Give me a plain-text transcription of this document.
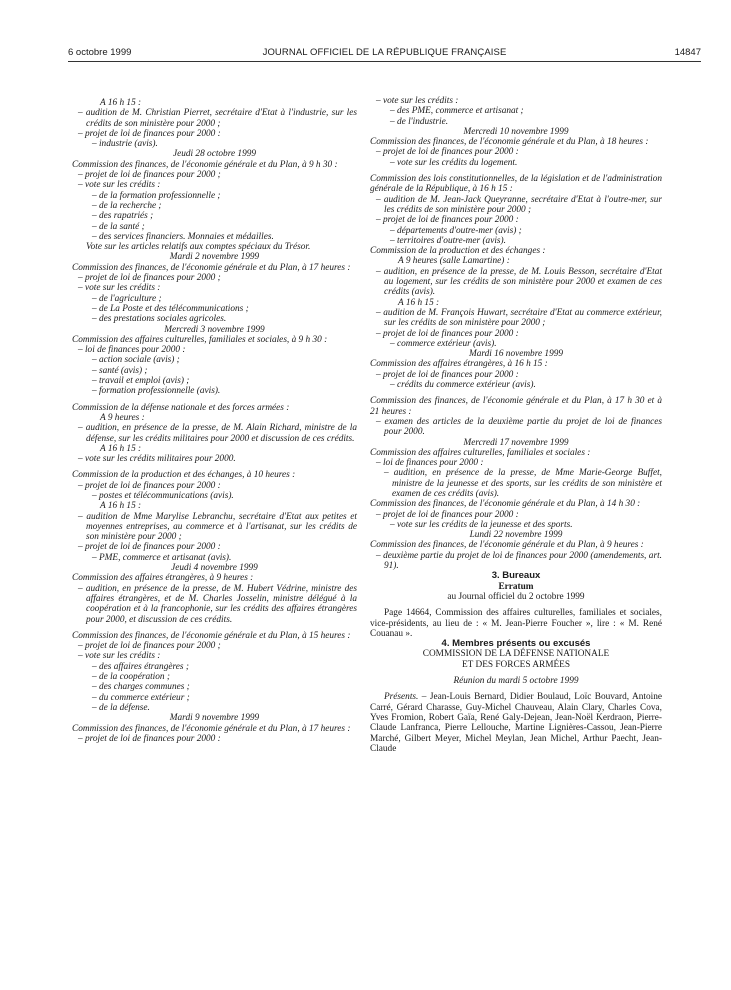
6 octobre 1999	JOURNAL OFFICIEL DE LA RÉPUBLIQUE FRANÇAISE	14847

A 16 h 15 :

– audition de M. Christian Pierret, secrétaire d'Etat à l'industrie, sur les crédits de son ministère pour 2000 ;

– projet de loi de finances pour 2000 :

– industrie (avis).

Jeudi 28 octobre 1999

Commission des finances, de l'économie générale et du Plan, à 9 h 30 :

– projet de loi de finances pour 2000 ;

– vote sur les crédits :

– de la formation professionnelle ;

– de la recherche ;

– des rapatriés ;

– de la santé ;

– des services financiers. Monnaies et médailles.

Vote sur les articles relatifs aux comptes spéciaux du Trésor.

Mardi 2 novembre 1999

Commission des finances, de l'économie générale et du Plan, à 17 heures :

– projet de loi de finances pour 2000 ;

– vote sur les crédits :

– de l'agriculture ;

– de La Poste et des télécommunications ;

– des prestations sociales agricoles.

Mercredi 3 novembre 1999

Commission des affaires culturelles, familiales et sociales, à 9 h 30 :

– loi de finances pour 2000 :

– action sociale (avis) ;

– santé (avis) ;

– travail et emploi (avis) ;

– formation professionnelle (avis).

Commission de la défense nationale et des forces armées :

A 9 heures :

– audition, en présence de la presse, de M. Alain Richard, ministre de la défense, sur les crédits militaires pour 2000 et discussion de ces crédits.

A 16 h 15 :

– vote sur les crédits militaires pour 2000.

Commission de la production et des échanges, à 10 heures :

– projet de loi de finances pour 2000 :

– postes et télécommunications (avis).

A 16 h 15 :

– audition de Mme Marylise Lebranchu, secrétaire d'Etat aux petites et moyennes entreprises, au commerce et à l'artisanat, sur les crédits de son ministère pour 2000 ;

– projet de loi de finances pour 2000 :

– PME, commerce et artisanat (avis).

Jeudi 4 novembre 1999

Commission des affaires étrangères, à 9 heures :

– audition, en présence de la presse, de M. Hubert Védrine, ministre des affaires étrangères, et de M. Charles Josselin, ministre délégué à la coopération et à la francophonie, sur les crédits des affaires étrangères pour 2000, et discussion de ces crédits.

Commission des finances, de l'économie générale et du Plan, à 15 heures :

– projet de loi de finances pour 2000 ;

– vote sur les crédits :

– des affaires étrangères ;

– de la coopération ;

– des charges communes ;

– du commerce extérieur ;

– de la défense.

Mardi 9 novembre 1999

Commission des finances, de l'économie générale et du Plan, à 17 heures :

– projet de loi de finances pour 2000 :

– vote sur les crédits :

– des PME, commerce et artisanat ;

– de l'industrie.

Mercredi 10 novembre 1999

Commission des finances, de l'économie générale et du Plan, à 18 heures :

– projet de loi de finances pour 2000 :

– vote sur les crédits du logement.

Commission des lois constitutionnelles, de la législation et de l'administration générale de la République, à 16 h 15 :

– audition de M. Jean-Jack Queyranne, secrétaire d'Etat à l'outre-mer, sur les crédits de son ministère pour 2000 ;

– projet de loi de finances pour 2000 :

– départements d'outre-mer (avis) ;

– territoires d'outre-mer (avis).

Commission de la production et des échanges :

A 9 heures (salle Lamartine) :

– audition, en présence de la presse, de M. Louis Besson, secrétaire d'Etat au logement, sur les crédits de son ministère pour 2000 et examen de ces crédits (avis).

A 16 h 15 :

– audition de M. François Huwart, secrétaire d'Etat au commerce extérieur, sur les crédits de son ministère pour 2000 ;

– projet de loi de finances pour 2000 :

– commerce extérieur (avis).

Mardi 16 novembre 1999

Commission des affaires étrangères, à 16 h 15 :

– projet de loi de finances pour 2000 :

– crédits du commerce extérieur (avis).

Commission des finances, de l'économie générale et du Plan, à 17 h 30 et à 21 heures :

– examen des articles de la deuxième partie du projet de loi de finances pour 2000.

Mercredi 17 novembre 1999

Commission des affaires culturelles, familiales et sociales :

– loi de finances pour 2000 :

– audition, en présence de la presse, de Mme Marie-George Buffet, ministre de la jeunesse et des sports, sur les crédits de son ministère et examen de ces crédits (avis).

Commission des finances, de l'économie générale et du Plan, à 14 h 30 :

– projet de loi de finances pour 2000 :

– vote sur les crédits de la jeunesse et des sports.

Lundi 22 novembre 1999

Commission des finances, de l'économie générale et du Plan, à 9 heures :

– deuxième partie du projet de loi de finances pour 2000 (amendements, art. 91).

3. Bureaux

Erratum

au Journal officiel du 2 octobre 1999

Page 14664, Commission des affaires culturelles, familiales et sociales, vice-présidents, au lieu de : « M. Jean-Pierre Foucher », lire : « M. René Couanau ».

4. Membres présents ou excusés

COMMISSION DE LA DÉFENSE NATIONALE

ET DES FORCES ARMÉES

Réunion du mardi 5 octobre 1999

Présents. – Jean-Louis Bernard, Didier Boulaud, Loïc Bouvard, Antoine Carré, Gérard Charasse, Guy-Michel Chauveau, Alain Clary, Charles Cova, Yves Fromion, Robert Gaïa, René Galy-Dejean, Jean-Noël Kerdraon, Pierre-Claude Lanfranca, Pierre Lellouche, Martine Lignières-Cassou, Jean-Pierre Marché, Gilbert Meyer, Michel Meylan, Jean Michel, Arthur Paecht, Jean-Claude
